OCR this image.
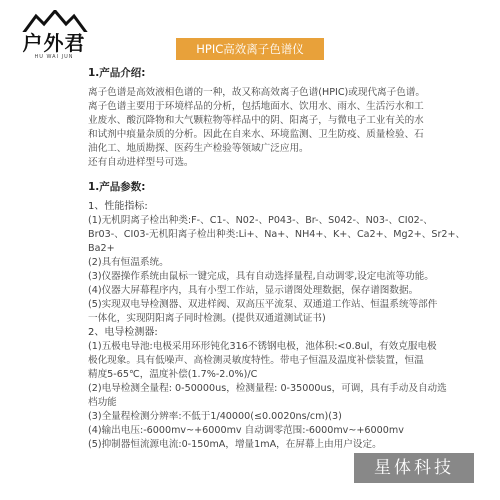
户外君
HU WAI JUN
HPIC高效离子色谱仪

1.产品介绍:

离子色谱是高效液相色谱的一种，故又称高效离子色谱(HPIC)或现代离子色谱。

离子色谱主要用于环境样品的分析，包括地面水、饮用水、雨水、生活污水和工

业废水、酸沉降物和大气颗粒物等样品中的阴、阳离子，与微电子工业有关的水

和试剂中痕量杂质的分析。因此在自来水、环境监测、卫生防疫、质量检验、石

油化工、地质勘探、医药生产检验等领域广泛应用。

还有自动进样型号可选。

1.产品参数:

1、性能指标:

(1)无机阴离子检出种类:F-、C1-、N02-、P043-、Br-、S042-、N03-、CI02-、

Br03-、CI03-无机阳离子检出种类:Li+、Na+、NH4+、K+、Ca2+、Mg2+、Sr2+、

Ba2+

(2)具有恒温系统。

(3)仪器操作系统由鼠标一键完成，具有自动选择量程,自动调零,设定电流等功能。

(4)仪器大屏幕程序内，具有小型工作站，显示谱图处理数据，保存谱图数据。

(5)实现双电导检测器、双进样阀、双高压平流泵、双通道工作站、恒温系统等部件

一体化，实现阴阳离子同时检测。(提供双通道测试证书)

2、电导检测器:

(1)五极电导池:电极采用环形钝化316不锈钢电极，池体积:<0.8ul，有效克服电极

极化现象。具有低噪声、高检测灵敏度特性。带电子恒温及温度补偿装置，恒温

精度5-65℃，温度补偿(1.7%-2.0%)/C

(2)电导检测全量程: 0-50000us，检测量程: 0-35000us，可调，具有手动及自动选

档功能

(3)全量程检测分辨率:不低于1/40000(≤0.0020ns/cm)(3)

(4)输出电压:-6000mv~+6000mv 自动调零范围:-6000mv~+6000mv

(5)抑制器恒流源电流:0-150mA，增量1mA，在屏幕上由用户设定。

星体科技
